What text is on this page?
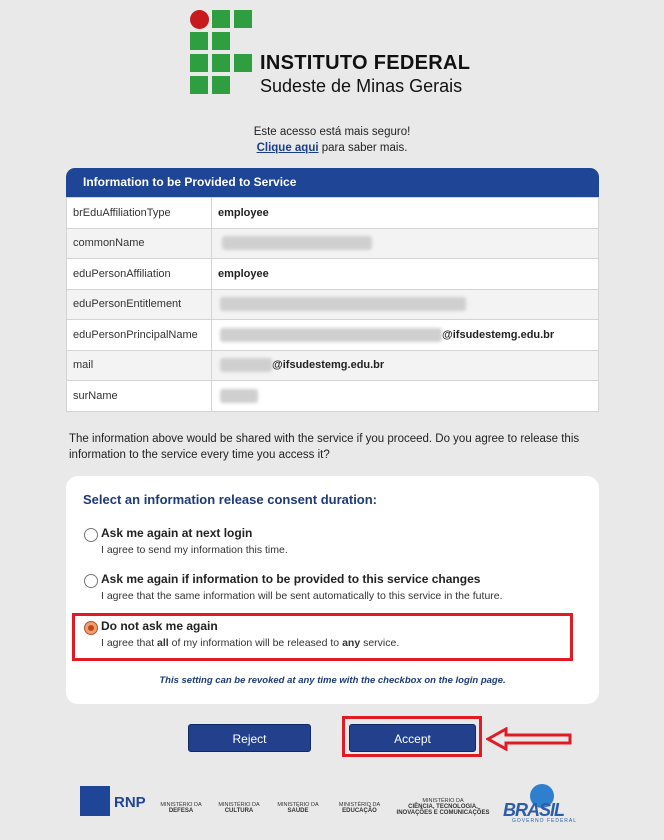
INSTITUTO FEDERAL
Sudeste de Minas Gerais
Este acesso está mais seguro!
Clique aqui para saber mais.
Information to be Provided to Service
brEduAffiliationType	employee
commonName	
eduPersonAffiliation	employee
eduPersonEntitlement	
eduPersonPrincipalName	@ifsudestemg.edu.br
mail	@ifsudestemg.edu.br
surName	
The information above would be shared with the service if you proceed. Do you agree to release this information to the service every time you access it?
Select an information release consent duration:
Ask me again at next login
I agree to send my information this time.
Ask me again if information to be provided to this service changes
I agree that the same information will be sent automatically to this service in the future.
Do not ask me again
I agree that all of my information will be released to any service.
This setting can be revoked at any time with the checkbox on the login page.
Reject	Accept
RNP	MINISTÉRIO DA
DEFESA
MINISTÉRIO DA
CULTURA
MINISTÉRIO DA
SAÚDE
MINISTÉRIO DA
EDUCAÇÃO
MINISTÉRIO DA
CIÊNCIA, TECNOLOGIA, INOVAÇÕES E COMUNICAÇÕES BRASIL
GOVERNO FEDERAL
